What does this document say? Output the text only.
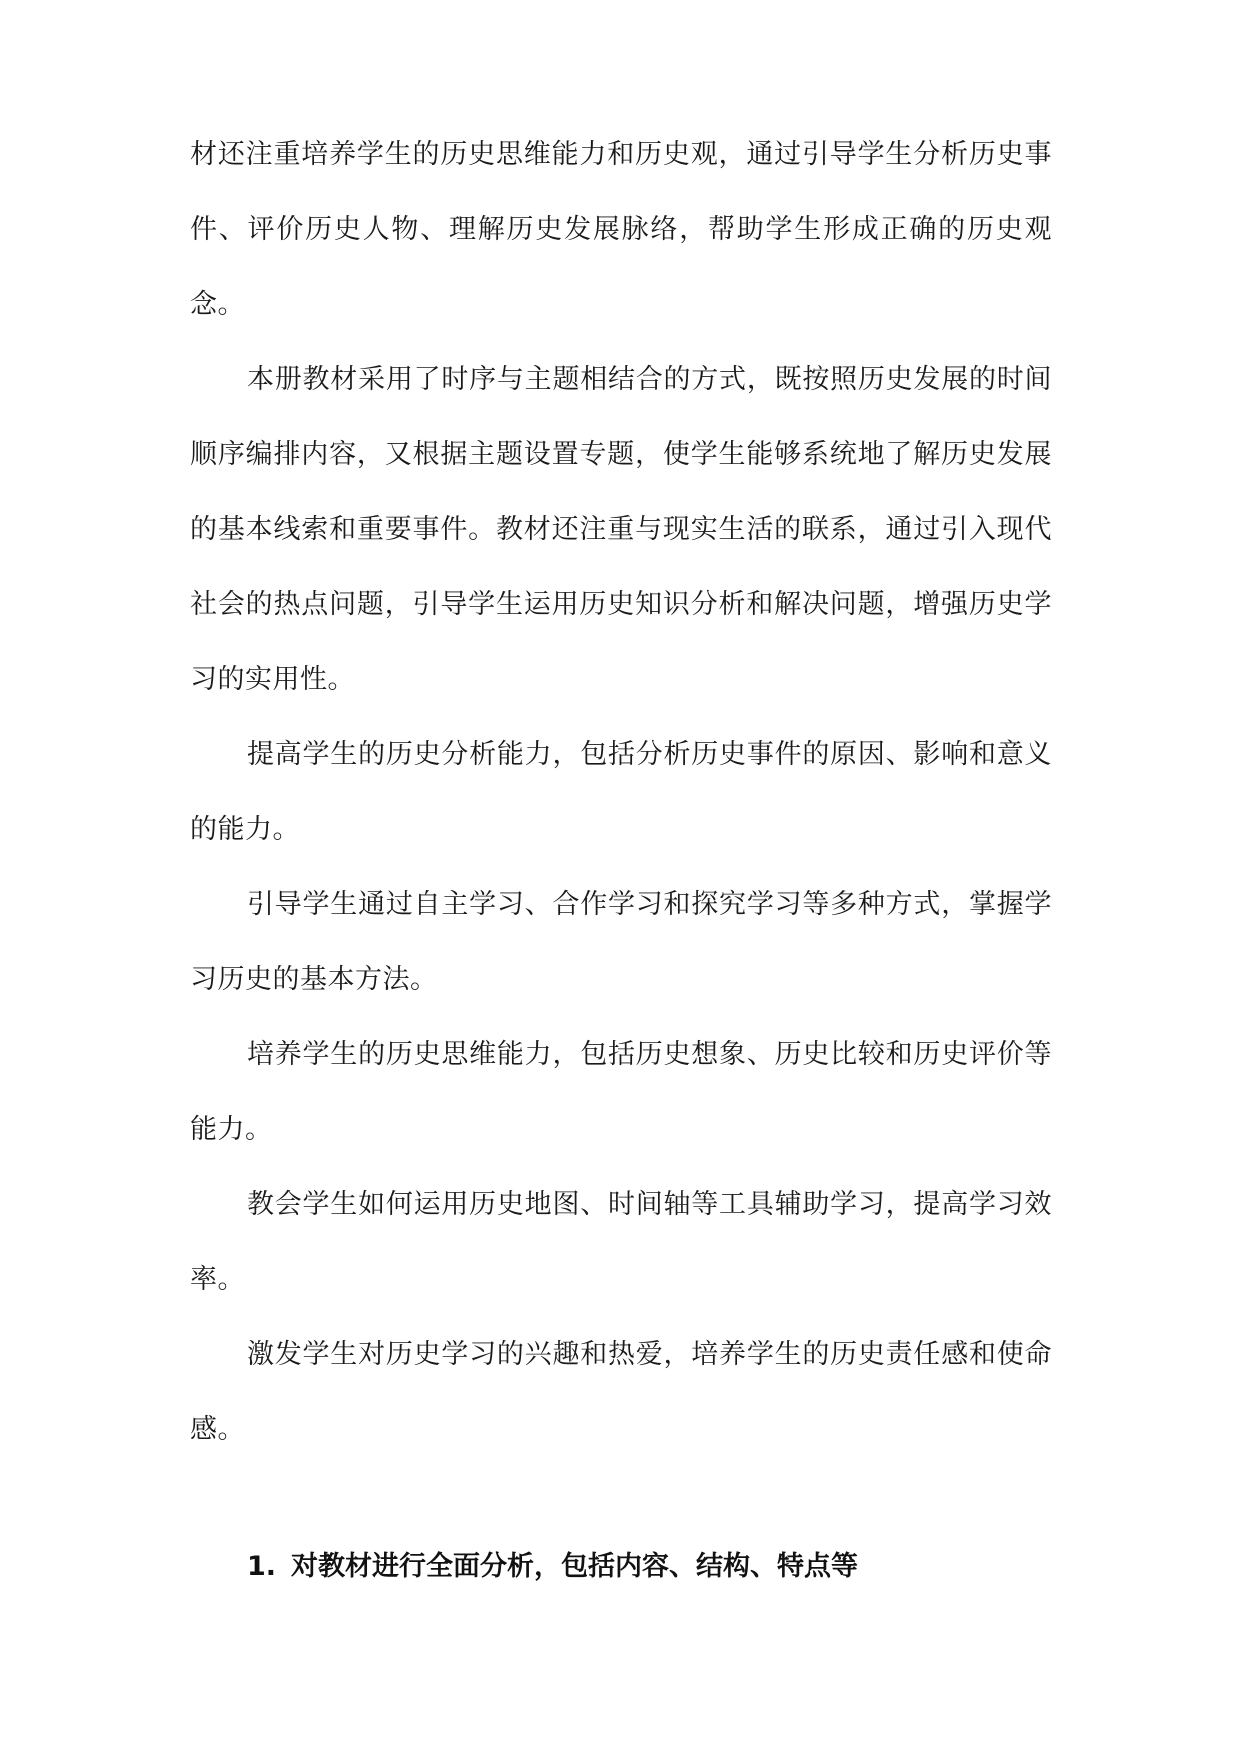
材还注重培养学生的历史思维能力和历史观，通过引导学生分析历史事件、评价历史人物、理解历史发展脉络，帮助学生形成正确的历史观念。

本册教材采用了时序与主题相结合的方式，既按照历史发展的时间顺序编排内容，又根据主题设置专题，使学生能够系统地了解历史发展的基本线索和重要事件。教材还注重与现实生活的联系，通过引入现代社会的热点问题，引导学生运用历史知识分析和解决问题，增强历史学习的实用性。

提高学生的历史分析能力，包括分析历史事件的原因、影响和意义的能力。

引导学生通过自主学习、合作学习和探究学习等多种方式，掌握学习历史的基本方法。

培养学生的历史思维能力，包括历史想象、历史比较和历史评价等能力。

教会学生如何运用历史地图、时间轴等工具辅助学习，提高学习效率。

激发学生对历史学习的兴趣和热爱，培养学生的历史责任感和使命感。

1. 对教材进行全面分析，包括内容、结构、特点等
